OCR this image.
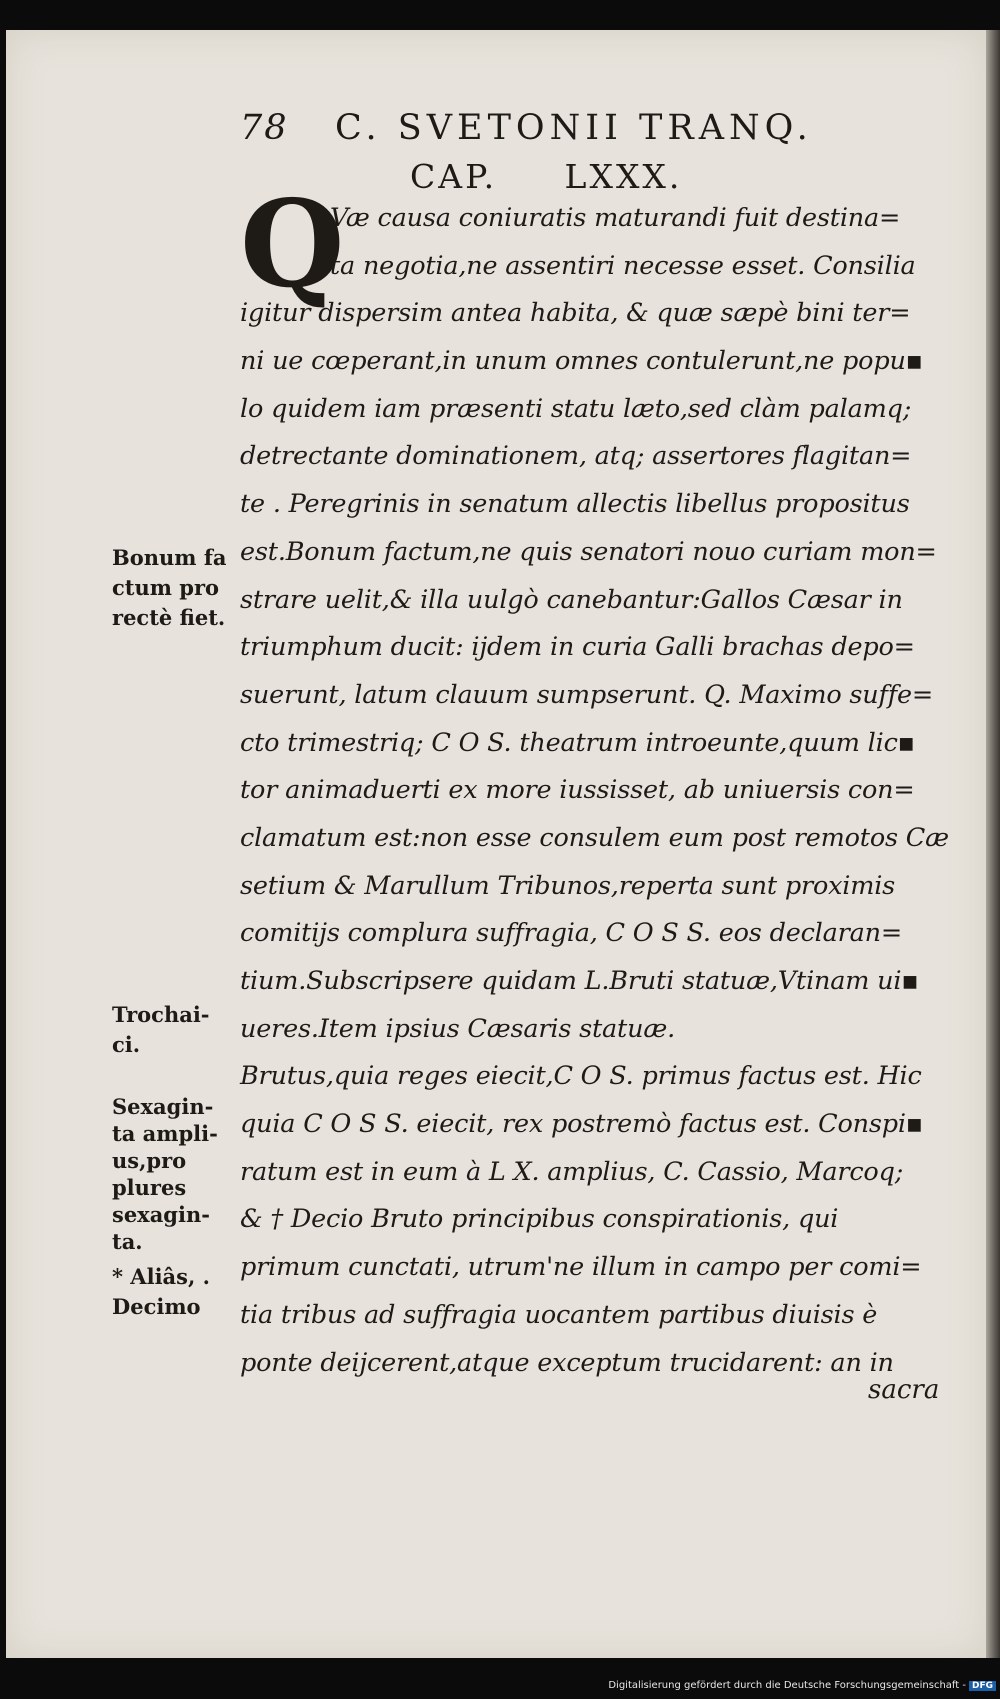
78 C. SVETONII TRANQ.
CAP.     LXXX.
Q
Væ causa coniuratis maturandi fuit destina=
ta negotia,ne assentiri necesse esset. Consilia
igitur dispersim antea habita, & quæ sæpè bini ter=
ni ue cœperant,in unum omnes contulerunt,ne popu▪
lo quidem iam præsenti statu læto,sed clàm palamq;
detrectante dominationem, atq; assertores flagitan=
te . Peregrinis in senatum allectis libellus propositus
est.Bonum factum,ne quis senatori nouo curiam mon=
strare uelit,& illa uulgò canebantur:Gallos Cæsar in
triumphum ducit: ijdem in curia Galli brachas depo=
suerunt, latum clauum sumpserunt. Q. Maximo suffe=
cto trimestriq; C O S. theatrum introeunte,quum lic▪
tor animaduerti ex more iussisset, ab uniuersis con=
clamatum est:non esse consulem eum post remotos Cæ
setium & Marullum Tribunos,reperta sunt proximis
comitijs complura suffragia, C O S S. eos declaran=
tium.Subscripsere quidam L.Bruti statuæ,Vtinam ui▪
ueres.Item ipsius Cæsaris statuæ.
Brutus,quia reges eiecit,C O S. primus factus est. Hic
quia C O S S. eiecit, rex postremò factus est. Conspi▪
ratum est in eum à L X. amplius, C. Cassio, Marcoq;
& † Decio Bruto principibus conspirationis, qui
primum cunctati, utrum'ne illum in campo per comi=
tia tribus ad suffragia uocantem partibus diuisis è
ponte deijcerent,atque exceptum trucidarent: an in
sacra
Bonum fa
ctum pro
rectè fiet.
Trochai-
ci.
Sexagin-
ta ampli-
us,pro
plures
sexagin-
ta.
* Aliâs, .
Decimo
Digitalisierung gefördert durch die Deutsche Forschungsgemeinschaft - DFG
